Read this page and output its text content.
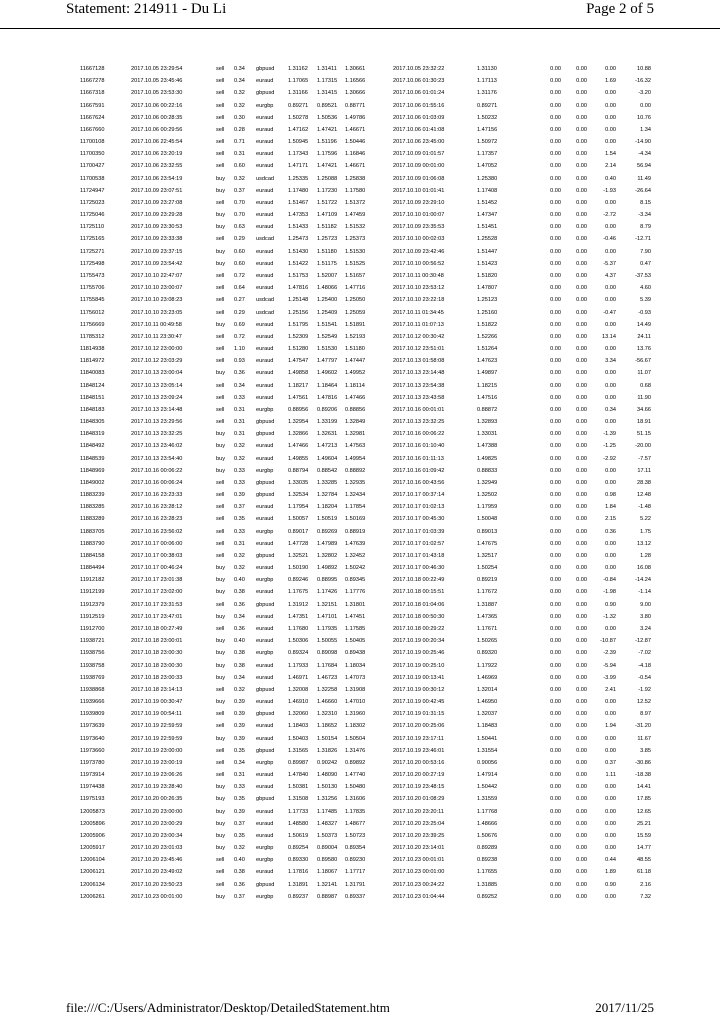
Statement: 214911 - Du Li	Page 2 of 5
11667128	2017.10.05 23:29:54	sell	0.34	gbpusd	1.31162	1.31411	1.30661	2017.10.05 23:32:22	1.31130	0.00	0.00	0.00	10.88
11667278	2017.10.05 23:45:46	sell	0.34	euraud	1.17065	1.17315	1.16566	2017.10.06 01:30:23	1.17113	0.00	0.00	1.69	-16.32
11667318	2017.10.05 23:53:30	sell	0.32	gbpusd	1.31166	1.31415	1.30666	2017.10.06 01:01:24	1.31176	0.00	0.00	0.00	-3.20
11667591	2017.10.06 00:22:16	sell	0.32	eurgbp	0.89271	0.89521	0.88771	2017.10.06 01:55:16	0.89271	0.00	0.00	0.00	0.00
11667624	2017.10.06 00:28:35	sell	0.30	euraud	1.50278	1.50536	1.49786	2017.10.06 01:03:09	1.50232	0.00	0.00	0.00	10.76
11667660	2017.10.06 00:29:56	sell	0.28	euraud	1.47162	1.47421	1.46671	2017.10.06 01:41:08	1.47156	0.00	0.00	0.00	1.34
11700108	2017.10.06 22:45:54	sell	0.71	euraud	1.50945	1.51196	1.50446	2017.10.06 23:45:00	1.50972	0.00	0.00	0.00	-14.90
11700350	2017.10.06 23:20:19	sell	0.31	euraud	1.17343	1.17596	1.16846	2017.10.09 01:01:57	1.17357	0.00	0.00	1.54	-4.34
11700427	2017.10.06 23:32:55	sell	0.60	euraud	1.47171	1.47421	1.46671	2017.10.09 00:01:00	1.47052	0.00	0.00	2.14	56.94
11700538	2017.10.06 23:54:19	buy	0.32	usdcad	1.25335	1.25088	1.25838	2017.10.09 01:06:08	1.25380	0.00	0.00	0.40	11.49
11724947	2017.10.09 23:07:51	buy	0.37	euraud	1.17480	1.17230	1.17580	2017.10.10 01:01:41	1.17408	0.00	0.00	-1.93	-26.64
11725023	2017.10.09 23:27:08	sell	0.70	euraud	1.51467	1.51722	1.51372	2017.10.09 23:29:10	1.51452	0.00	0.00	0.00	8.15
11725046	2017.10.09 23:29:28	buy	0.70	euraud	1.47353	1.47109	1.47459	2017.10.10 01:00:07	1.47347	0.00	0.00	-2.72	-3.34
11725110	2017.10.09 23:30:53	buy	0.63	euraud	1.51433	1.51182	1.51532	2017.10.09 23:35:53	1.51451	0.00	0.00	0.00	8.79
11725165	2017.10.09 23:33:38	sell	0.29	usdcad	1.25473	1.25723	1.25373	2017.10.10 00:02:03	1.25528	0.00	0.00	-0.46	-12.71
11725271	2017.10.09 23:37:15	buy	0.60	euraud	1.51430	1.51180	1.51530	2017.10.09 23:42:46	1.51447	0.00	0.00	0.00	7.90
11725498	2017.10.09 23:54:42	buy	0.60	euraud	1.51422	1.51175	1.51525	2017.10.10 00:56:52	1.51423	0.00	0.00	-5.37	0.47
11755473	2017.10.10 22:47:07	sell	0.72	euraud	1.51753	1.52007	1.51657	2017.10.11 00:30:48	1.51820	0.00	0.00	4.37	-37.53
11755706	2017.10.10 23:00:07	sell	0.64	euraud	1.47816	1.48066	1.47716	2017.10.10 23:53:12	1.47807	0.00	0.00	0.00	4.60
11755845	2017.10.10 23:08:23	sell	0.27	usdcad	1.25148	1.25400	1.25050	2017.10.10 23:22:18	1.25123	0.00	0.00	0.00	5.39
11756012	2017.10.10 23:23:05	sell	0.29	usdcad	1.25156	1.25409	1.25059	2017.10.11 01:34:45	1.25160	0.00	0.00	-0.47	-0.93
11756669	2017.10.11 00:49:58	buy	0.69	euraud	1.51795	1.51541	1.51891	2017.10.11 01:07:13	1.51822	0.00	0.00	0.00	14.49
11785312	2017.10.11 23:30:47	sell	0.72	euraud	1.52309	1.52549	1.52193	2017.10.12 00:30:42	1.52266	0.00	0.00	13.14	24.11
11814938	2017.10.12 23:00:00	sell	1.10	euraud	1.51280	1.51530	1.51180	2017.10.12 23:51:01	1.51264	0.00	0.00	0.00	13.76
11814972	2017.10.12 23:03:29	sell	0.93	euraud	1.47547	1.47797	1.47447	2017.10.13 01:58:08	1.47623	0.00	0.00	3.34	-56.67
11840083	2017.10.13 23:00:04	buy	0.36	euraud	1.49858	1.49602	1.49952	2017.10.13 23:14:48	1.49897	0.00	0.00	0.00	11.07
11848124	2017.10.13 23:05:14	sell	0.34	euraud	1.18217	1.18464	1.18114	2017.10.13 23:54:38	1.18215	0.00	0.00	0.00	0.68
11848151	2017.10.13 23:09:24	sell	0.33	euraud	1.47561	1.47816	1.47466	2017.10.13 23:43:58	1.47516	0.00	0.00	0.00	11.90
11848183	2017.10.13 23:14:48	sell	0.31	eurgbp	0.88956	0.89206	0.88856	2017.10.16 00:01:01	0.88872	0.00	0.00	0.34	34.66
11848305	2017.10.13 23:29:56	sell	0.31	gbpusd	1.32954	1.33199	1.32849	2017.10.13 23:32:25	1.32893	0.00	0.00	0.00	18.91
11848319	2017.10.13 23:32:25	buy	0.31	gbpusd	1.32866	1.32631	1.32981	2017.10.16 00:06:22	1.33031	0.00	0.00	-1.39	51.15
11848492	2017.10.13 23:46:02	buy	0.32	euraud	1.47466	1.47213	1.47563	2017.10.16 01:10:40	1.47388	0.00	0.00	-1.25	-20.00
11848539	2017.10.13 23:54:40	buy	0.32	euraud	1.49855	1.49604	1.49954	2017.10.16 01:11:13	1.49825	0.00	0.00	-2.92	-7.57
11848969	2017.10.16 00:06:22	buy	0.33	eurgbp	0.88794	0.88542	0.88892	2017.10.16 01:09:42	0.88833	0.00	0.00	0.00	17.11
11849002	2017.10.16 00:06:24	sell	0.33	gbpusd	1.33035	1.33285	1.32935	2017.10.16 00:43:56	1.32949	0.00	0.00	0.00	28.38
11883239	2017.10.16 23:23:33	sell	0.39	gbpusd	1.32534	1.32784	1.32434	2017.10.17 00:37:14	1.32502	0.00	0.00	0.98	12.48
11883285	2017.10.16 23:28:12	sell	0.37	euraud	1.17954	1.18204	1.17854	2017.10.17 01:02:13	1.17959	0.00	0.00	1.84	-1.48
11883289	2017.10.16 23:28:23	sell	0.35	euraud	1.50057	1.50519	1.50169	2017.10.17 00:45:30	1.50048	0.00	0.00	2.15	5.22
11883705	2017.10.16 23:56:02	sell	0.33	eurgbp	0.89017	0.89269	0.88919	2017.10.17 01:03:39	0.89013	0.00	0.00	0.36	1.75
11883790	2017.10.17 00:06:00	sell	0.31	euraud	1.47728	1.47989	1.47639	2017.10.17 01:02:57	1.47675	0.00	0.00	0.00	13.12
11884158	2017.10.17 00:38:03	sell	0.32	gbpusd	1.32521	1.32802	1.32452	2017.10.17 01:43:18	1.32517	0.00	0.00	0.00	1.28
11884494	2017.10.17 00:46:24	buy	0.32	euraud	1.50190	1.49892	1.50242	2017.10.17 00:46:30	1.50254	0.00	0.00	0.00	16.08
11912182	2017.10.17 23:01:38	buy	0.40	eurgbp	0.89246	0.88995	0.89345	2017.10.18 00:22:49	0.89219	0.00	0.00	-0.84	-14.24
11912199	2017.10.17 23:02:00	buy	0.38	euraud	1.17675	1.17426	1.17776	2017.10.18 00:15:51	1.17672	0.00	0.00	-1.98	-1.14
11912379	2017.10.17 23:31:53	sell	0.36	gbpusd	1.31912	1.32151	1.31801	2017.10.18 01:04:06	1.31887	0.00	0.00	0.90	9.00
11912519	2017.10.17 23:47:01	buy	0.34	euraud	1.47351	1.47101	1.47451	2017.10.18 00:50:30	1.47365	0.00	0.00	-1.32	3.80
11912700	2017.10.18 00:27:49	sell	0.36	euraud	1.17680	1.17935	1.17585	2017.10.18 00:29:22	1.17671	0.00	0.00	0.00	3.24
11938721	2017.10.18 23:00:01	buy	0.40	euraud	1.50306	1.50055	1.50405	2017.10.19 00:20:34	1.50265	0.00	0.00	-10.87	-12.87
11938756	2017.10.18 23:00:30	buy	0.38	eurgbp	0.89324	0.89098	0.89438	2017.10.19 00:25:46	0.89320	0.00	0.00	-2.39	-7.02
11938758	2017.10.18 23:00:30	buy	0.38	euraud	1.17933	1.17684	1.18034	2017.10.19 00:25:10	1.17922	0.00	0.00	-5.94	-4.18
11938769	2017.10.18 23:00:33	buy	0.34	euraud	1.46971	1.46723	1.47073	2017.10.19 00:13:41	1.46969	0.00	0.00	-3.99	-0.54
11938868	2017.10.18 23:14:13	sell	0.32	gbpusd	1.32008	1.32258	1.31908	2017.10.19 00:30:12	1.32014	0.00	0.00	2.41	-1.92
11939666	2017.10.19 00:30:47	buy	0.39	euraud	1.46910	1.46660	1.47010	2017.10.19 00:42:45	1.46950	0.00	0.00	0.00	12.52
11939809	2017.10.19 00:54:11	sell	0.39	gbpusd	1.32060	1.32310	1.31960	2017.10.19 01:31:15	1.32037	0.00	0.00	0.00	8.97
11973639	2017.10.19 22:59:59	sell	0.39	euraud	1.18403	1.18652	1.18302	2017.10.20 00:25:06	1.18483	0.00	0.00	1.94	-31.20
11973640	2017.10.19 22:59:59	buy	0.39	euraud	1.50403	1.50154	1.50504	2017.10.19 23:17:11	1.50441	0.00	0.00	0.00	11.67
11973660	2017.10.19 23:00:00	sell	0.35	gbpusd	1.31565	1.31826	1.31476	2017.10.19 23:46:01	1.31554	0.00	0.00	0.00	3.85
11973780	2017.10.19 23:00:19	sell	0.34	eurgbp	0.89987	0.90242	0.89892	2017.10.20 00:53:16	0.90056	0.00	0.00	0.37	-30.86
11973914	2017.10.19 23:06:26	sell	0.31	euraud	1.47840	1.48090	1.47740	2017.10.20 00:27:19	1.47914	0.00	0.00	1.11	-18.38
11974438	2017.10.19 23:28:40	buy	0.33	euraud	1.50381	1.50130	1.50480	2017.10.19 23:48:15	1.50442	0.00	0.00	0.00	14.41
11975193	2017.10.20 00:26:35	buy	0.35	gbpusd	1.31508	1.31256	1.31606	2017.10.20 01:08:29	1.31559	0.00	0.00	0.00	17.85
12005873	2017.10.20 23:00:00	buy	0.39	euraud	1.17733	1.17485	1.17835	2017.10.20 23:20:11	1.17768	0.00	0.00	0.00	12.65
12005896	2017.10.20 23:00:29	buy	0.37	euraud	1.48580	1.48327	1.48677	2017.10.20 23:25:04	1.48666	0.00	0.00	0.00	25.21
12005906	2017.10.20 23:00:34	buy	0.35	euraud	1.50619	1.50373	1.50723	2017.10.20 23:39:25	1.50676	0.00	0.00	0.00	15.59
12005917	2017.10.20 23:01:03	buy	0.32	eurgbp	0.89254	0.89004	0.89354	2017.10.20 23:14:01	0.89289	0.00	0.00	0.00	14.77
12006104	2017.10.20 23:45:46	sell	0.40	eurgbp	0.89330	0.89580	0.89230	2017.10.23 00:01:01	0.89238	0.00	0.00	0.44	48.55
12006121	2017.10.20 23:49:02	sell	0.38	euraud	1.17816	1.18067	1.17717	2017.10.23 00:01:00	1.17655	0.00	0.00	1.89	61.18
12006134	2017.10.20 23:50:23	sell	0.36	gbpusd	1.31891	1.32141	1.31791	2017.10.23 00:24:22	1.31885	0.00	0.00	0.90	2.16
12006261	2017.10.23 00:01:00	buy	0.37	eurgbp	0.89237	0.88987	0.89337	2017.10.23 01:04:44	0.89252	0.00	0.00	0.00	7.32
file:///C:/Users/Administrator/Desktop/DetailedStatement.htm	2017/11/25
